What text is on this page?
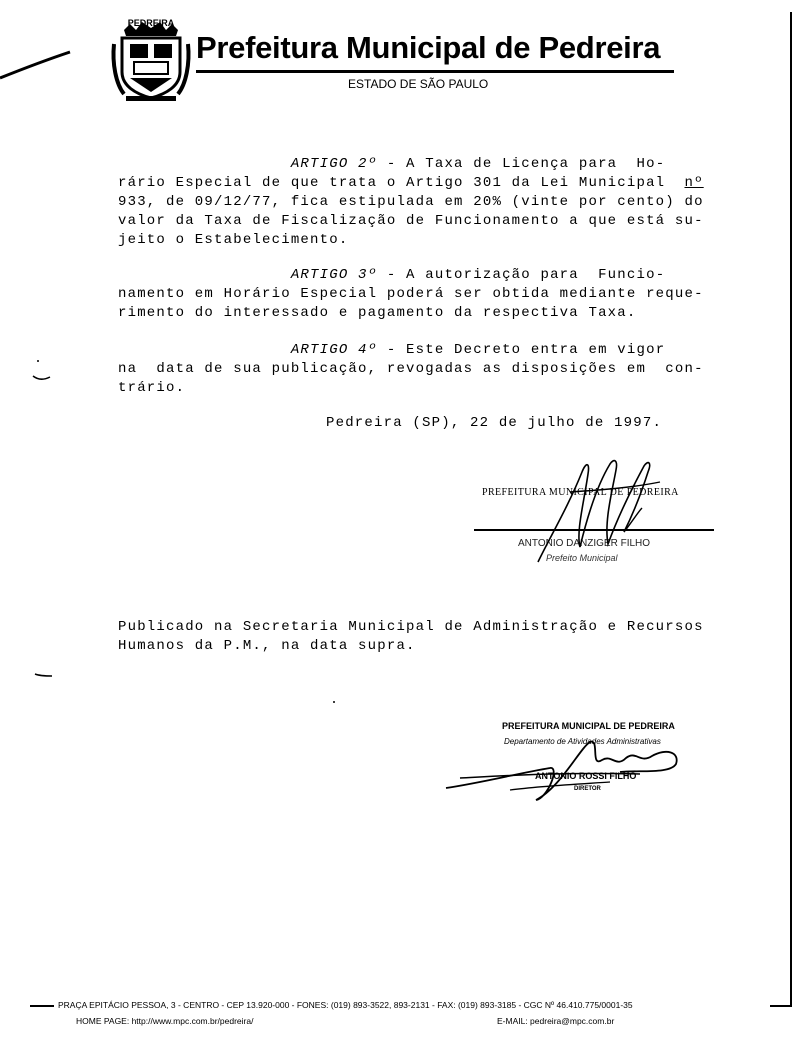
PEDREIRA
Prefeitura Municipal de Pedreira
ESTADO DE SÃO PAULO
ARTIGO 2º - A Taxa de Licença para  Ho-
rário Especial de que trata o Artigo 301 da Lei Municipal  nº
933, de 09/12/77, fica estipulada em 20% (vinte por cento) do
valor da Taxa de Fiscalização de Funcionamento a que está su-
jeito o Estabelecimento.
ARTIGO 3º - A autorização para  Funcio-
namento em Horário Especial poderá ser obtida mediante reque-
rimento do interessado e pagamento da respectiva Taxa.
ARTIGO 4º - Este Decreto entra em vigor
na  data de sua publicação, revogadas as disposições em  con-
trário.
Pedreira (SP), 22 de julho de 1997.
PREFEITURA MUNICIPAL DE PEDREIRA
ANTONIO DANZIGER FILHO
Prefeito Municipal
Publicado na Secretaria Municipal de Administração e Recursos
Humanos da P.M., na data supra.
PREFEITURA MUNICIPAL DE PEDREIRA
Departamento de Atividades Administrativas
ANTONIO ROSSI FILHO
DIRETOR
PRAÇA EPITÁCIO PESSOA, 3 - CENTRO - CEP 13.920-000 - FONES: (019) 893-3522, 893-2131 - FAX: (019) 893-3185 - CGC Nº 46.410.775/0001-35
HOME PAGE: http://www.mpc.com.br/pedreira/	E-MAIL: pedreira@mpc.com.br
